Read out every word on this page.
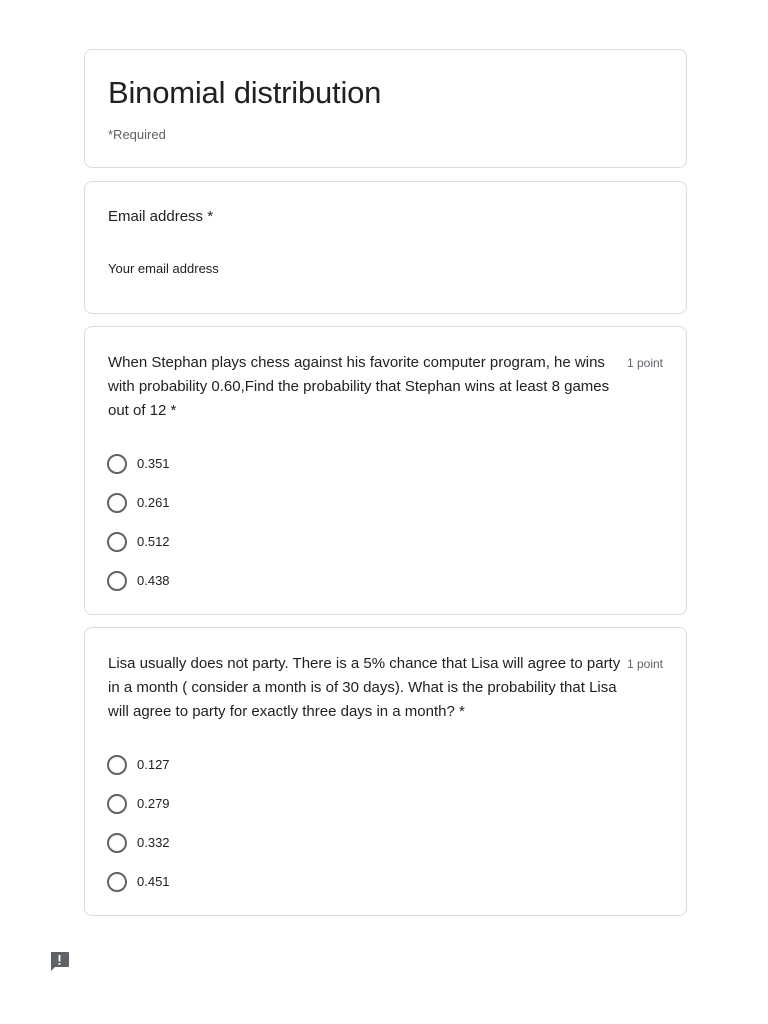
Binomial distribution
*Required
Email address *
Your email address
When Stephan plays chess against his favorite computer program, he wins with probability 0.60,Find the probability that Stephan wins at least 8 games out of 12 *
1 point
0.351
0.261
0.512
0.438
Lisa usually does not party. There is a 5% chance that Lisa will agree to party in a month ( consider a month is of 30 days). What is the probability that Lisa will agree to party for exactly three days in a month? *
1 point
0.127
0.279
0.332
0.451
